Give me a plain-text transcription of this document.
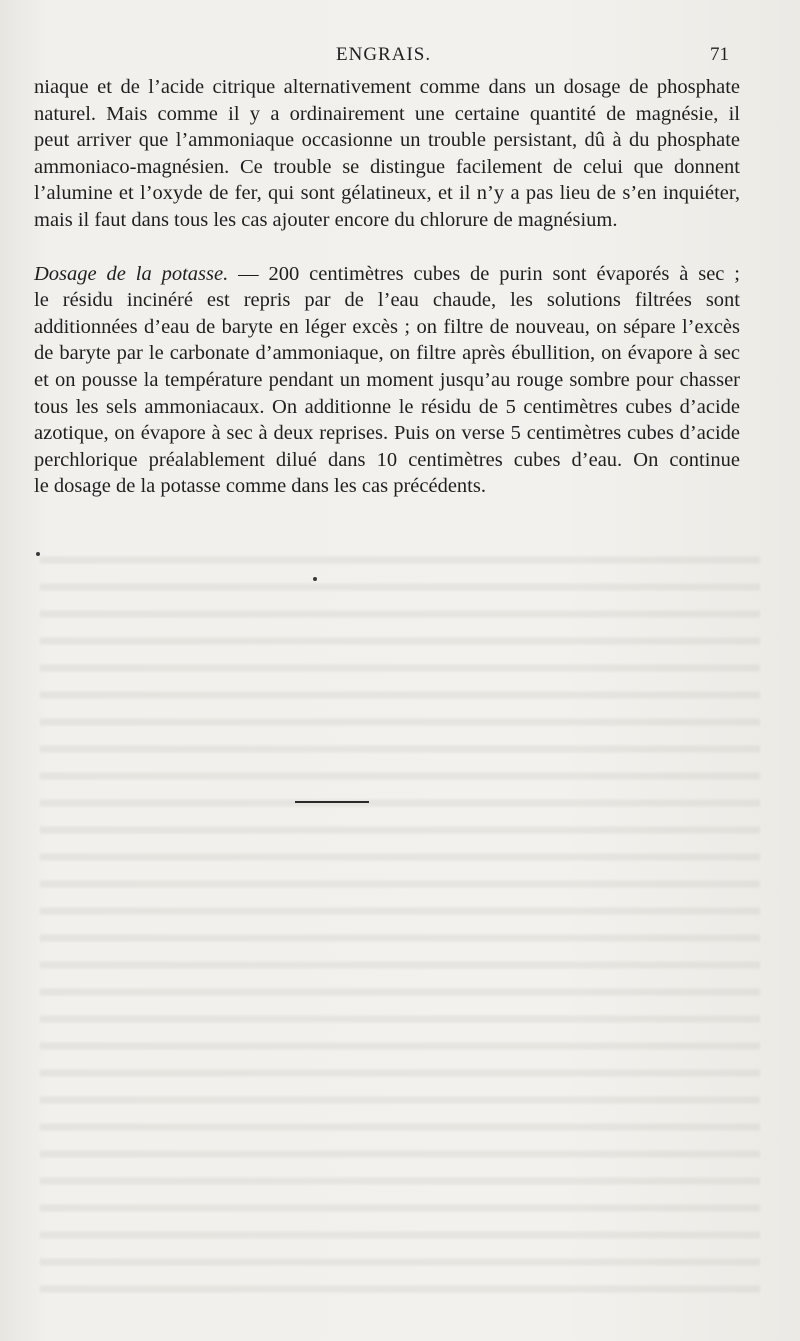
ENGRAIS.	71
niaque et de l’acide citrique alternativement comme dans un dosage de phosphate
naturel. Mais comme il y a ordinairement une certaine quantité de magnésie, il
peut arriver que l’ammoniaque occasionne un trouble persistant, dû à du phosphate
ammoniaco-magnésien. Ce trouble se distingue facilement de celui que donnent
l’alumine et l’oxyde de fer, qui sont gélatineux, et il n’y a pas lieu de s’en inquiéter,
mais il faut dans tous les cas ajouter encore du chlorure de magnésium.
Dosage de la potasse. — 200 centimètres cubes de purin sont évaporés à sec ;
le résidu incinéré est repris par de l’eau chaude, les solutions filtrées sont
additionnées d’eau de baryte en léger excès ; on filtre de nouveau, on sépare l’excès
de baryte par le carbonate d’ammoniaque, on filtre après ébullition, on évapore à sec
et on pousse la température pendant un moment jusqu’au rouge sombre pour chasser
tous les sels ammoniacaux. On additionne le résidu de 5 centimètres cubes d’acide
azotique, on évapore à sec à deux reprises. Puis on verse 5 centimètres cubes d’acide
perchlorique préalablement dilué dans 10 centimètres cubes d’eau. On continue
le dosage de la potasse comme dans les cas précédents.
